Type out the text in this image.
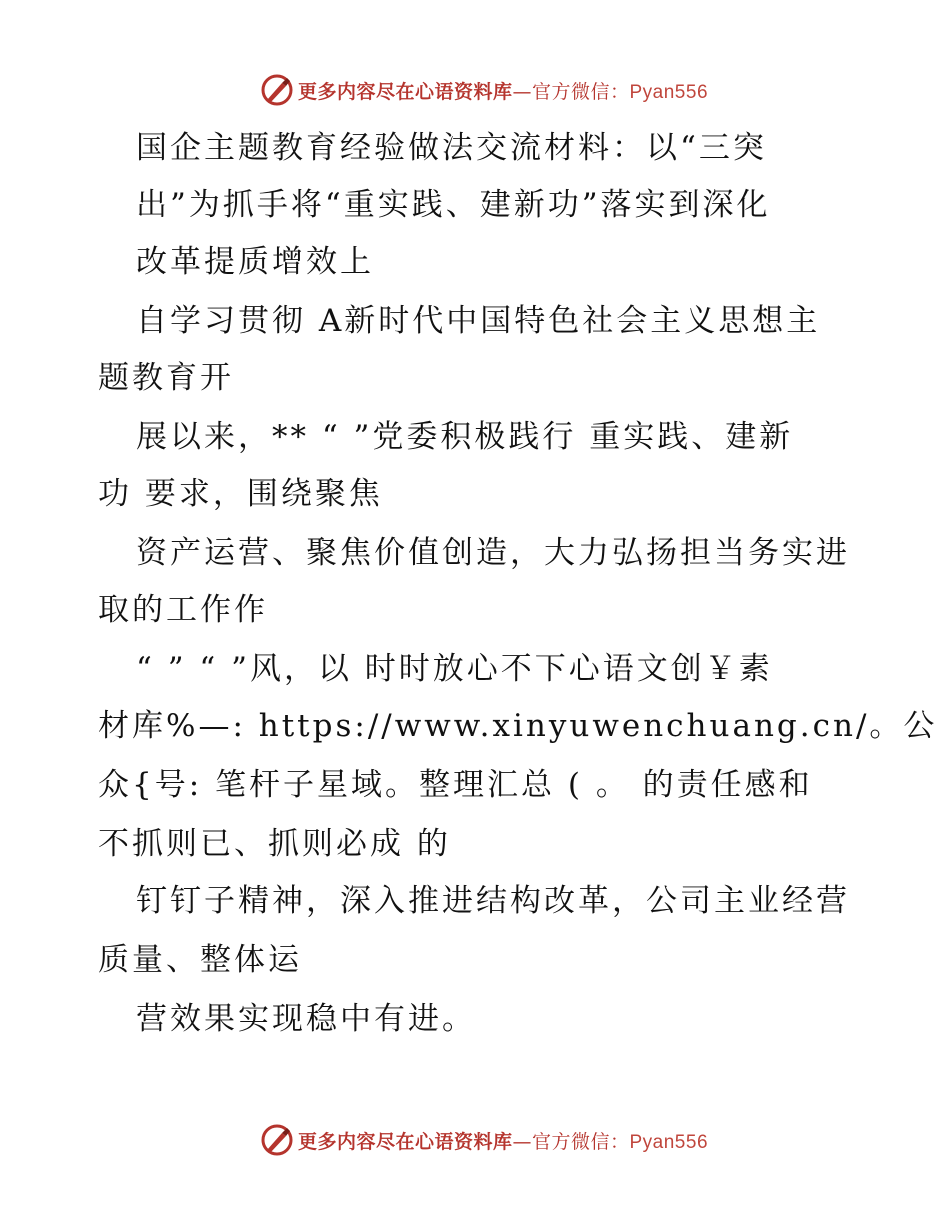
更多内容尽在心语资料库—官方微信：Pyan556
国企主题教育经验做法交流材料：以“三突
出”为抓手将“重实践、建新功”落实到深化
改革提质增效上
自学习贯彻 A新时代中国特色社会主义思想主
题教育开
展以来，** “ ”党委积极践行 重实践、建新
功 要求，围绕聚焦
资产运营、聚焦价值创造，大力弘扬担当务实进
取的工作作
“ ” “ ”风，以 时时放心不下心语文创￥素
材库%—: https://www.xinyuwenchuang.cn/。公
众{号: 笔杆子星域。整理汇总 ( 。 的责任感和
不抓则已、抓则必成 的
钉钉子精神，深入推进结构改革，公司主业经营
质量、整体运
营效果实现稳中有进。
更多内容尽在心语资料库—官方微信：Pyan556
